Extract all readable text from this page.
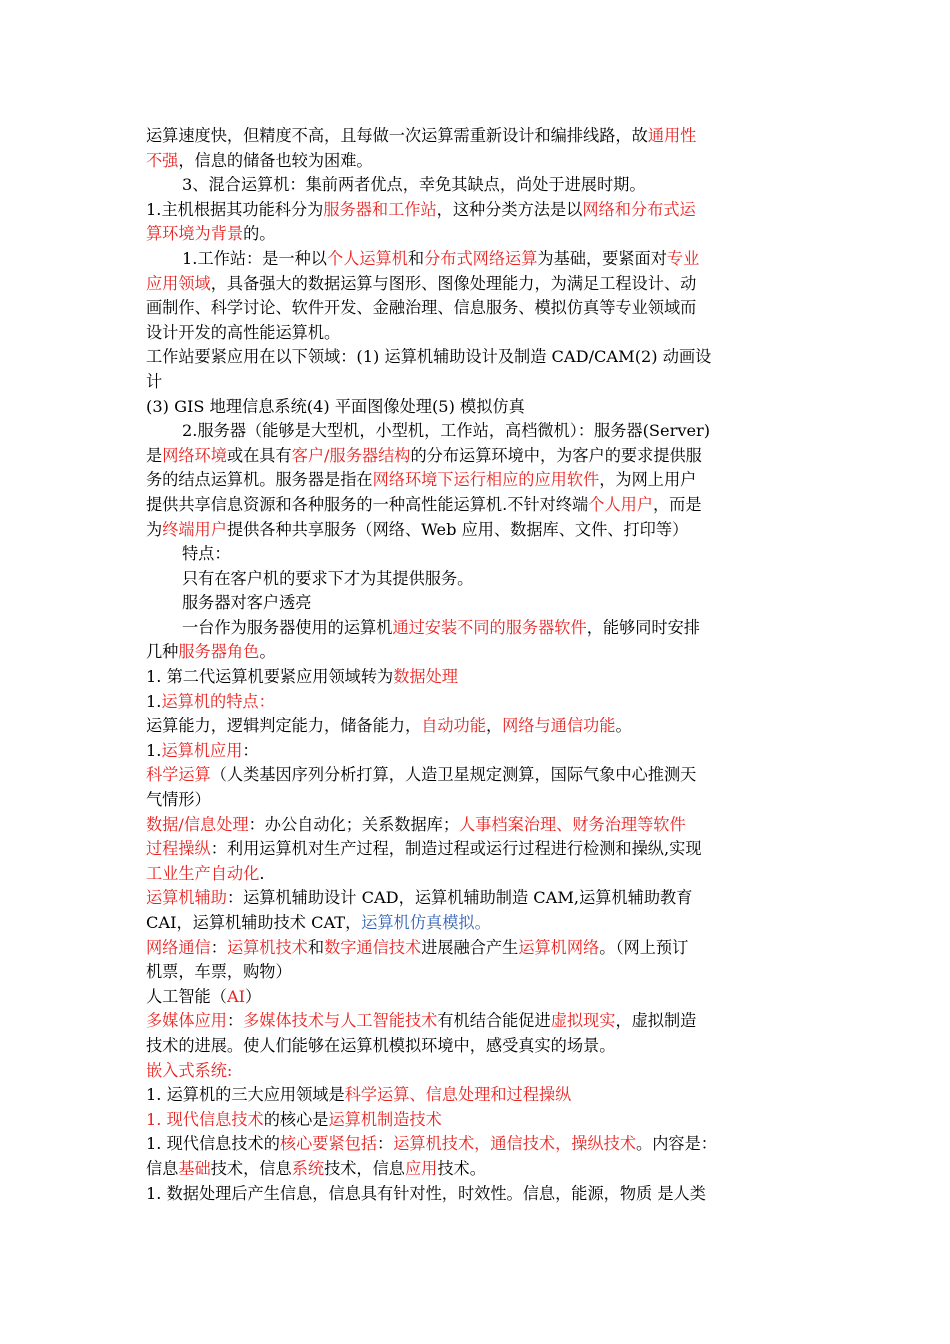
运算速度快，但精度不高，且每做一次运算需重新设计和编排线路，故通用性
不强，信息的储备也较为困难。
3、混合运算机：集前两者优点，幸免其缺点，尚处于进展时期。
1.主机根据其功能科分为服务器和工作站，这种分类方法是以网络和分布式运
算环境为背景的。
1.工作站：是一种以个人运算机和分布式网络运算为基础，要紧面对专业
应用领域，具备强大的数据运算与图形、图像处理能力，为满足工程设计、动
画制作、科学讨论、软件开发、金融治理、信息服务、模拟仿真等专业领域而
设计开发的高性能运算机。
工作站要紧应用在以下领域：(1) 运算机辅助设计及制造 CAD/CAM(2) 动画设
计
(3) GIS 地理信息系统(4) 平面图像处理(5) 模拟仿真
2.服务器（能够是大型机，小型机，工作站，高档微机）：服务器(Server)
是网络环境或在具有客户/服务器结构的分布运算环境中，为客户的要求提供服
务的结点运算机。服务器是指在网络环境下运行相应的应用软件，为网上用户
提供共享信息资源和各种服务的一种高性能运算机.不针对终端个人用户，而是
为终端用户提供各种共享服务（网络、Web 应用、数据库、文件、打印等）
特点：
只有在客户机的要求下才为其提供服务。
服务器对客户透亮
一台作为服务器使用的运算机通过安装不同的服务器软件，能够同时安排
几种服务器角色。
1. 第二代运算机要紧应用领域转为数据处理
1.运算机的特点：
运算能力，逻辑判定能力，储备能力，自动功能，网络与通信功能。
1.运算机应用：
科学运算（人类基因序列分析打算，人造卫星规定测算，国际气象中心推测天
气情形）
数据/信息处理：办公自动化；关系数据库；人事档案治理、财务治理等软件
过程操纵：利用运算机对生产过程，制造过程或运行过程进行检测和操纵,实现
工业生产自动化.
运算机辅助：运算机辅助设计 CAD，运算机辅助制造 CAM,运算机辅助教育
CAI，运算机辅助技术 CAT，运算机仿真模拟。
网络通信：运算机技术和数字通信技术进展融合产生运算机网络。（网上预订
机票，车票，购物）
人工智能（AI）
多媒体应用：多媒体技术与人工智能技术有机结合能促进虚拟现实，虚拟制造
技术的进展。使人们能够在运算机模拟环境中，感受真实的场景。
嵌入式系统:
1. 运算机的三大应用领域是科学运算、信息处理和过程操纵
1. 现代信息技术的核心是运算机制造技术
1. 现代信息技术的核心要紧包括：运算机技术，通信技术，操纵技术。内容是：
信息基础技术，信息系统技术，信息应用技术。
1. 数据处理后产生信息，信息具有针对性，时效性。信息，能源，物质 是人类
